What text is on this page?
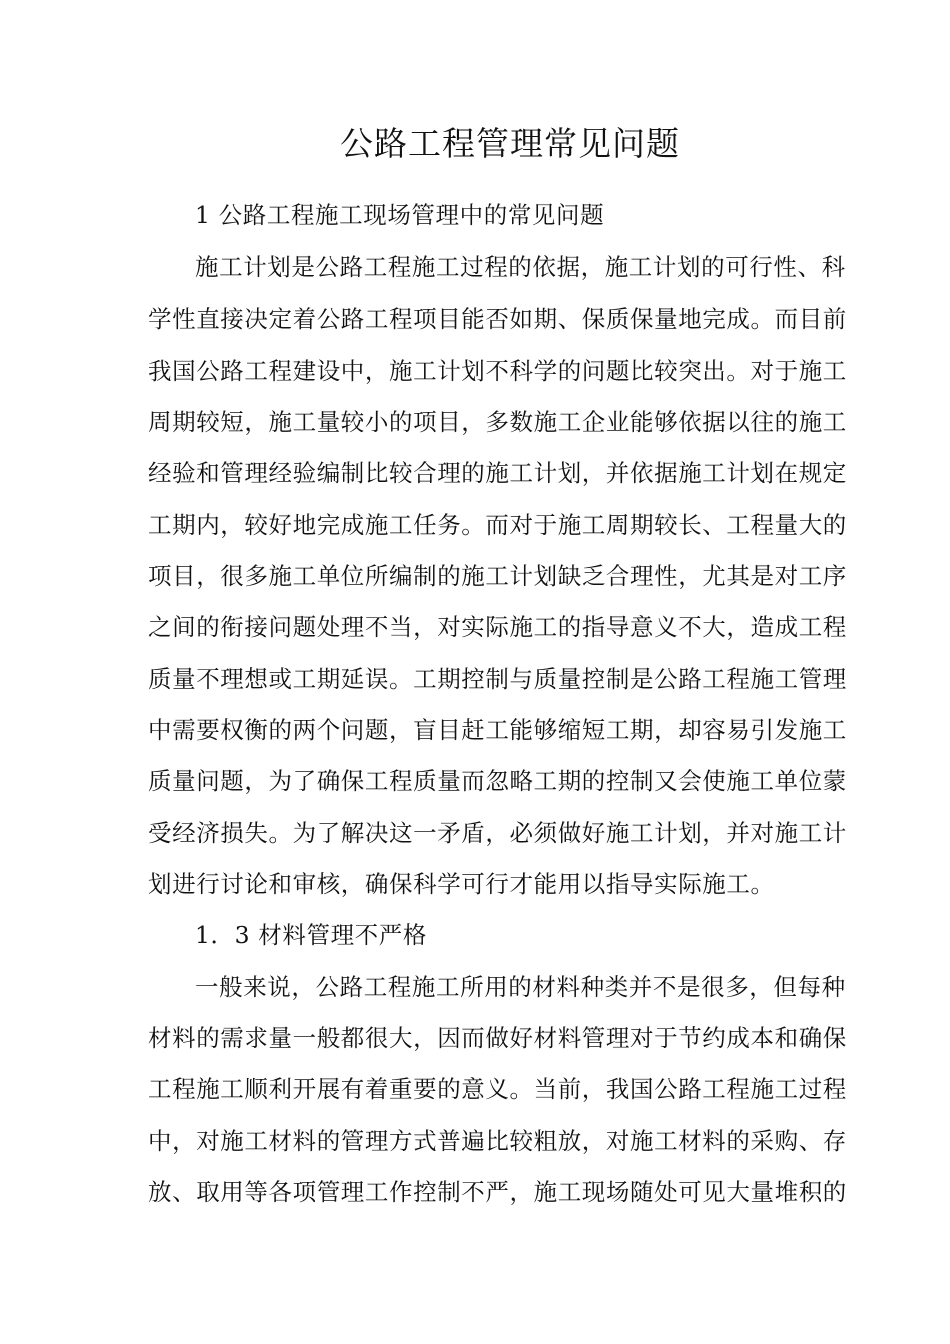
公路工程管理常见问题
1 公路工程施工现场管理中的常见问题
施工计划是公路工程施工过程的依据，施工计划的可行性、科
学性直接决定着公路工程项目能否如期、保质保量地完成。而目前
我国公路工程建设中，施工计划不科学的问题比较突出。对于施工
周期较短，施工量较小的项目，多数施工企业能够依据以往的施工
经验和管理经验编制比较合理的施工计划，并依据施工计划在规定
工期内，较好地完成施工任务。而对于施工周期较长、工程量大的
项目，很多施工单位所编制的施工计划缺乏合理性，尤其是对工序
之间的衔接问题处理不当，对实际施工的指导意义不大，造成工程
质量不理想或工期延误。工期控制与质量控制是公路工程施工管理
中需要权衡的两个问题，盲目赶工能够缩短工期，却容易引发施工
质量问题，为了确保工程质量而忽略工期的控制又会使施工单位蒙
受经济损失。为了解决这一矛盾，必须做好施工计划，并对施工计
划进行讨论和审核，确保科学可行才能用以指导实际施工。
1．3 材料管理不严格
一般来说，公路工程施工所用的材料种类并不是很多，但每种
材料的需求量一般都很大，因而做好材料管理对于节约成本和确保
工程施工顺利开展有着重要的意义。当前，我国公路工程施工过程
中，对施工材料的管理方式普遍比较粗放，对施工材料的采购、存
放、取用等各项管理工作控制不严，施工现场随处可见大量堆积的
